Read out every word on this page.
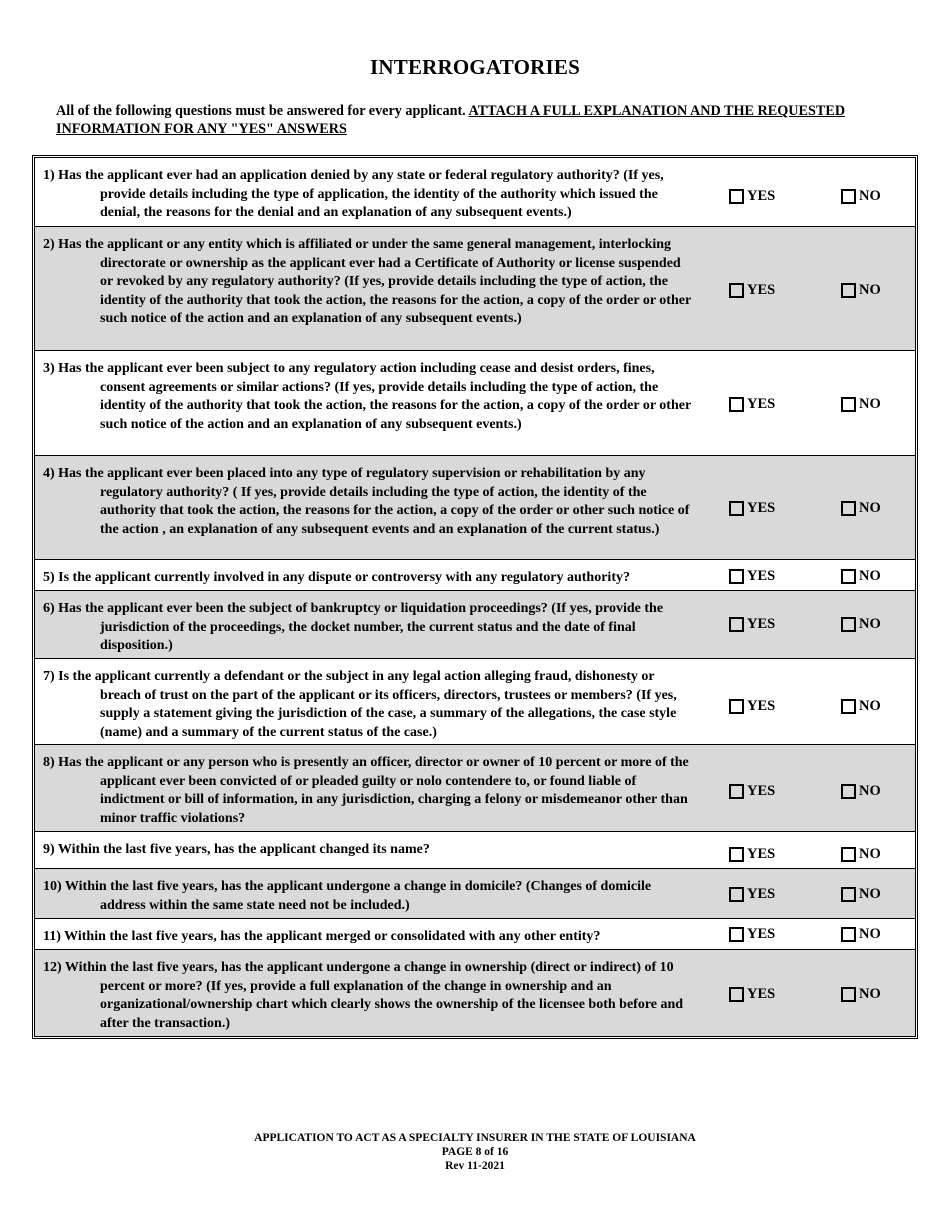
INTERROGATORIES
All of the following questions must be answered for every applicant. ATTACH A FULL EXPLANATION AND THE REQUESTED INFORMATION FOR ANY "YES" ANSWERS
1) Has the applicant ever had an application denied by any state or federal regulatory authority? (If yes, provide details including the type of application, the identity of the authority which issued the denial, the reasons for the denial and an explanation of any subsequent events.)
YES	NO
2) Has the applicant or any entity which is affiliated or under the same general management, interlocking directorate or ownership as the applicant ever had a Certificate of Authority or license suspended or revoked by any regulatory authority? (If yes, provide details including the type of action, the identity of the authority that took the action, the reasons for the action, a copy of the order or other such notice of the action and an explanation of any subsequent events.)
YES	NO
3) Has the applicant ever been subject to any regulatory action including cease and desist orders, fines, consent agreements or similar actions? (If yes, provide details including the type of action, the identity of the authority that took the action, the reasons for the action, a copy of the order or other such notice of the action and an explanation of any subsequent events.)
YES	NO
4) Has the applicant ever been placed into any type of regulatory supervision or rehabilitation by any regulatory authority? ( If yes, provide details including the type of action, the identity of the authority that took the action, the reasons for the action, a copy of the order or other such notice of the action , an explanation of any subsequent events and an explanation of the current status.)
YES	NO
5) Is the applicant currently involved in any dispute or controversy with any regulatory authority?	YES	NO
6) Has the applicant ever been the subject of bankruptcy or liquidation proceedings? (If yes, provide the jurisdiction of the proceedings, the docket number, the current status and the date of final disposition.)
YES	NO
7) Is the applicant currently a defendant or the subject in any legal action alleging fraud, dishonesty or breach of trust on the part of the applicant or its officers, directors, trustees or members? (If yes, supply a statement giving the jurisdiction of the case, a summary of the allegations, the case style (name) and a summary of the current status of the case.)
YES	NO
8) Has the applicant or any person who is presently an officer, director or owner of 10 percent or more of the applicant ever been convicted of or pleaded guilty or nolo contendere to, or found liable of indictment or bill of information, in any jurisdiction, charging a felony or misdemeanor other than minor traffic violations?
YES	NO
9) Within the last five years, has the applicant changed its name?	YES	NO
10) Within the last five years, has the applicant undergone a change in domicile? (Changes of domicile address within the same state need not be included.)
YES	NO
11) Within the last five years, has the applicant merged or consolidated with any other entity?	YES	NO
12) Within the last five years, has the applicant undergone a change in ownership (direct or indirect) of 10 percent or more? (If yes, provide a full explanation of the change in ownership and an organizational/ownership chart which clearly shows the ownership of the licensee both before and after the transaction.)
YES	NO
APPLICATION TO ACT AS A SPECIALTY INSURER IN THE STATE OF LOUISIANA
PAGE 8 of 16
Rev 11-2021
